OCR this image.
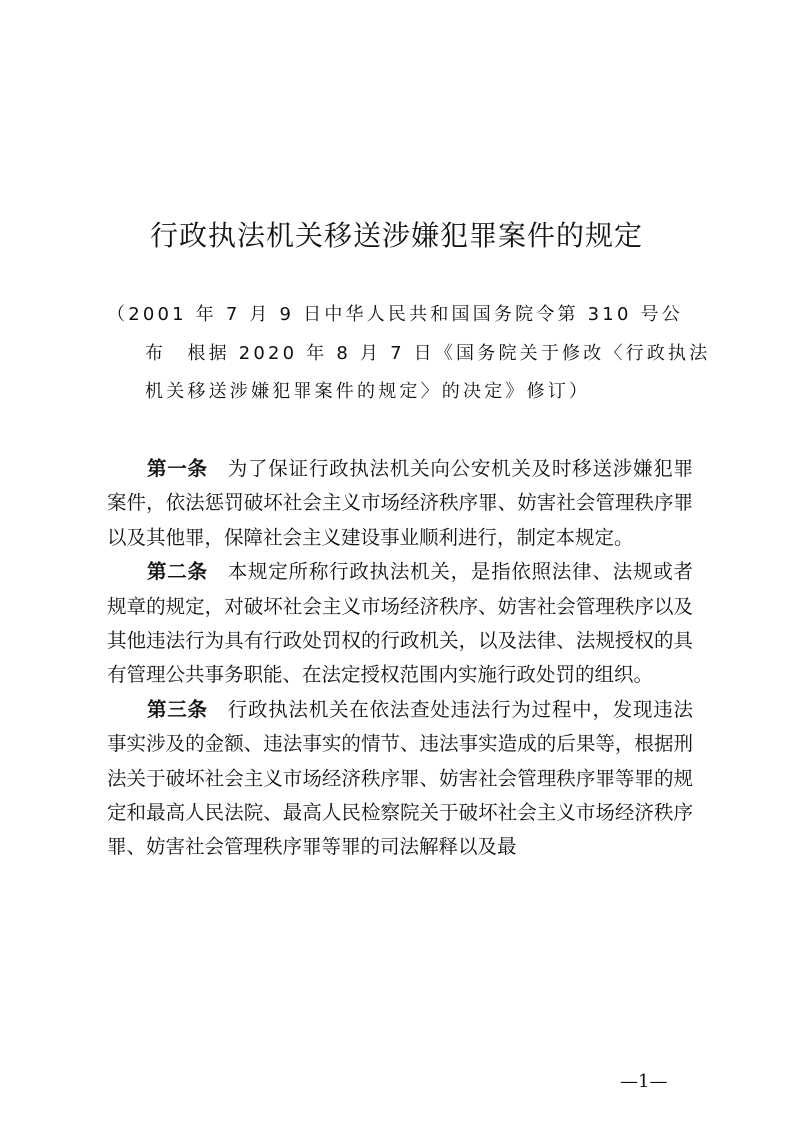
行政执法机关移送涉嫌犯罪案件的规定
（2001 年 7 月 9 日中华人民共和国国务院令第 310 号公
布　根据 2020 年 8 月 7 日《国务院关于修改〈行政执法
机关移送涉嫌犯罪案件的规定〉的决定》修订）

第一条 为了保证行政执法机关向公安机关及时移送涉嫌犯罪案件，依法惩罚破坏社会主义市场经济秩序罪、妨害社会管理秩序罪以及其他罪，保障社会主义建设事业顺利进行，制定本规定。

第二条 本规定所称行政执法机关，是指依照法律、法规或者规章的规定，对破坏社会主义市场经济秩序、妨害社会管理秩序以及其他违法行为具有行政处罚权的行政机关，以及法律、法规授权的具有管理公共事务职能、在法定授权范围内实施行政处罚的组织。

第三条 行政执法机关在依法查处违法行为过程中，发现违法事实涉及的金额、违法事实的情节、违法事实造成的后果等，根据刑法关于破坏社会主义市场经济秩序罪、妨害社会管理秩序罪等罪的规定和最高人民法院、最高人民检察院关于破坏社会主义市场经济秩序罪、妨害社会管理秩序罪等罪的司法解释以及最

—1—
